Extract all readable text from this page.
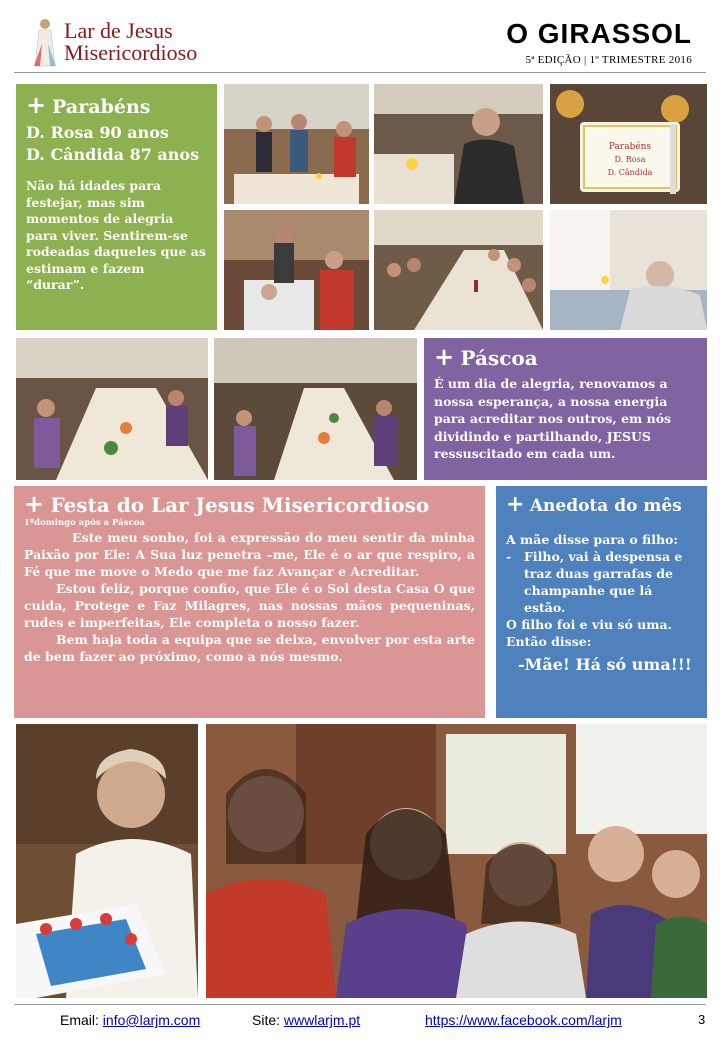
Lar de Jesus
Misericordioso
O GIRASSOL
5ª EDIÇÃO | 1º TRIMESTRE 2016
+ Parabéns
D. Rosa 90 anos
D. Cândida 87 anos
Não há idades para festejar, mas sim momentos de alegria para viver. Sentirem-se rodeadas daqueles que as estimam e fazem “durar”.
Parabéns
D. Rosa
D. Cândida
+ Páscoa
É um dia de alegria, renovamos a nossa esperança, a nossa energia para acreditar nos outros, em nós dividindo e partilhando, JESUS ressuscitado em cada um.
+ Festa do Lar Jesus Misericordioso
1ºdomingo após a Páscoa
Este meu sonho, foi a expressão do meu sentir da minha Paixão por Ele: A Sua luz penetra –me, Ele é o ar que respiro, a Fé que me move o Medo que me faz Avançar e Acreditar.
Estou feliz, porque confio, que Ele é o Sol desta Casa O que cuida, Protege e Faz Milagres, nas nossas mãos pequeninas, rudes e imperfeitas, Ele completa o nosso fazer.
Bem haja toda a equipa que se deixa, envolver por esta arte de bem fazer ao próximo, como a nós mesmo.
+ Anedota do mês
A mãe disse para o filho:
-	Filho, vai à despensa e traz duas garrafas de champanhe que lá estão.
O filho foi e viu só uma.
Então disse:
-Mãe! Há só uma!!!
Email: info@larjm.com	Site: wwwlarjm.pt	https://www.facebook.com/larjm	3
